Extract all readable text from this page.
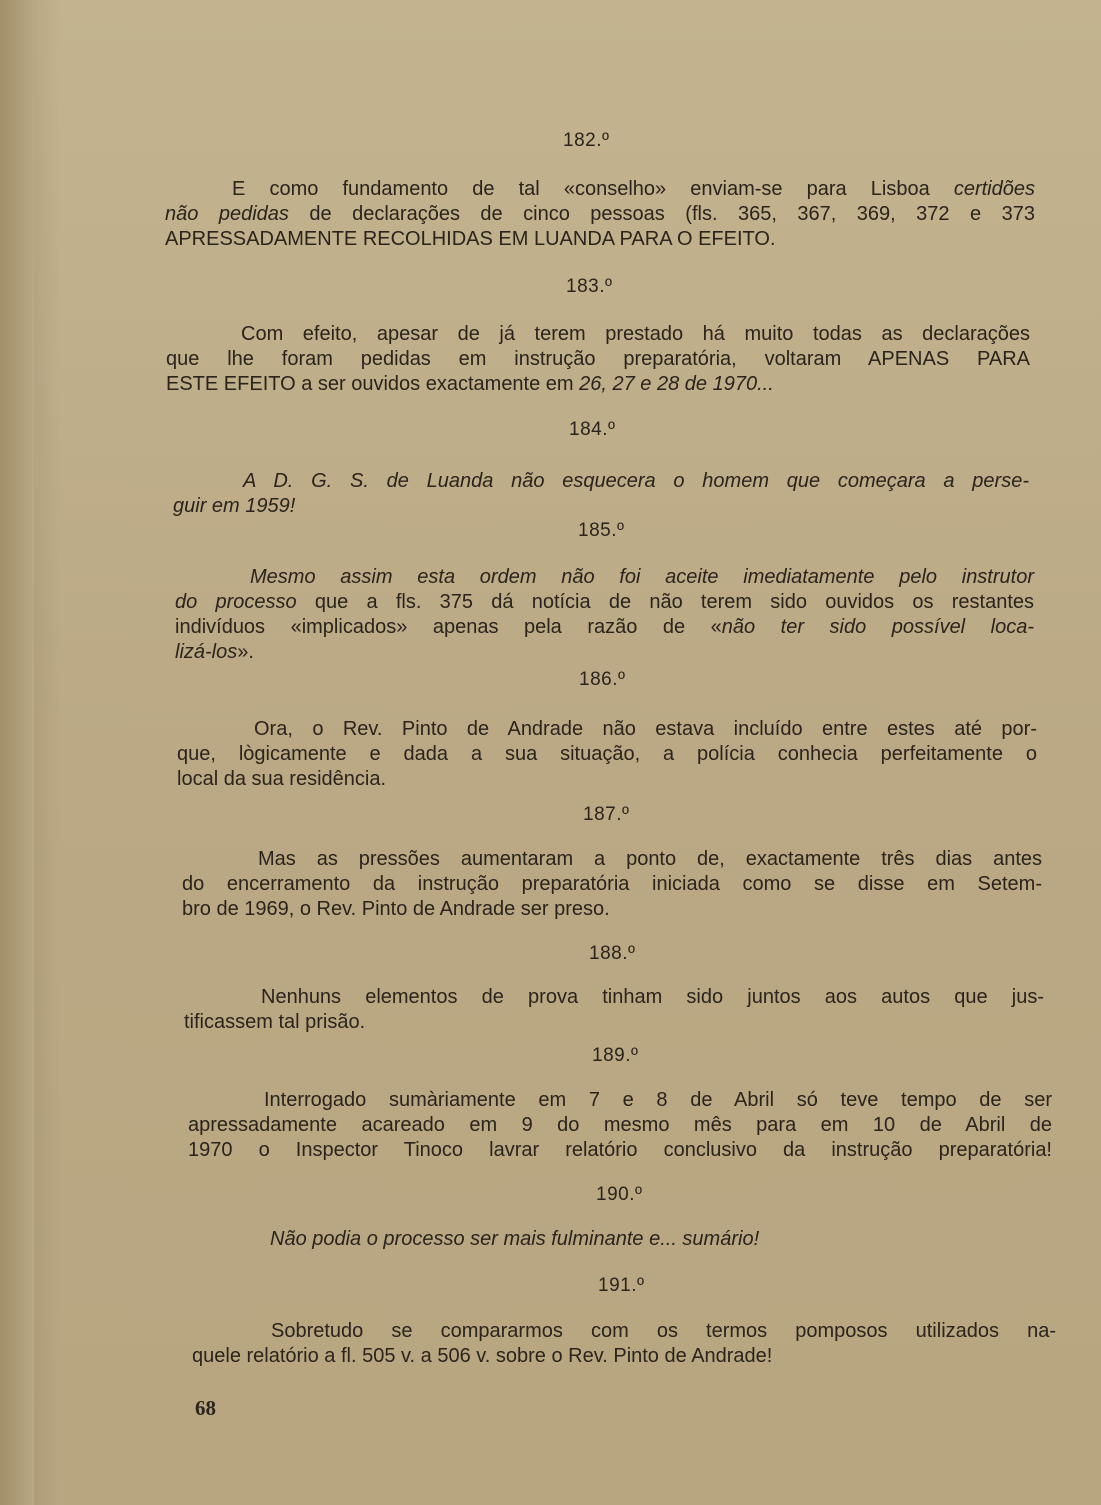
182.º
E como fundamento de tal «conselho» enviam-se para Lisboa certidões
não pedidas de declarações de cinco pessoas (fls. 365, 367, 369, 372 e 373
APRESSADAMENTE RECOLHIDAS EM LUANDA PARA O EFEITO.
183.º
Com efeito, apesar de já terem prestado há muito todas as declarações
que lhe foram pedidas em instrução preparatória, voltaram APENAS PARA
ESTE EFEITO a ser ouvidos exactamente em 26, 27 e 28 de 1970...
184.º
A D. G. S. de Luanda não esquecera o homem que começara a perse-
guir em 1959!
185.º
Mesmo assim esta ordem não foi aceite imediatamente pelo instrutor
do processo que a fls. 375 dá notícia de não terem sido ouvidos os restantes
indivíduos «implicados» apenas pela razão de «não ter sido possível loca-
lizá-los».
186.º
Ora, o Rev. Pinto de Andrade não estava incluído entre estes até por-
que, lògicamente e dada a sua situação, a polícia conhecia perfeitamente o
local da sua residência.
187.º
Mas as pressões aumentaram a ponto de, exactamente três dias antes
do encerramento da instrução preparatória iniciada como se disse em Setem-
bro de 1969, o Rev. Pinto de Andrade ser preso.
188.º
Nenhuns elementos de prova tinham sido juntos aos autos que jus-
tificassem tal prisão.
189.º
Interrogado sumàriamente em 7 e 8 de Abril só teve tempo de ser
apressadamente acareado em 9 do mesmo mês para em 10 de Abril de
1970 o Inspector Tinoco lavrar relatório conclusivo da instrução preparatória!
190.º
Não podia o processo ser mais fulminante e... sumário!
191.º
Sobretudo se compararmos com os termos pomposos utilizados na-
quele relatório a fl. 505 v. a 506 v. sobre o Rev. Pinto de Andrade!
68
